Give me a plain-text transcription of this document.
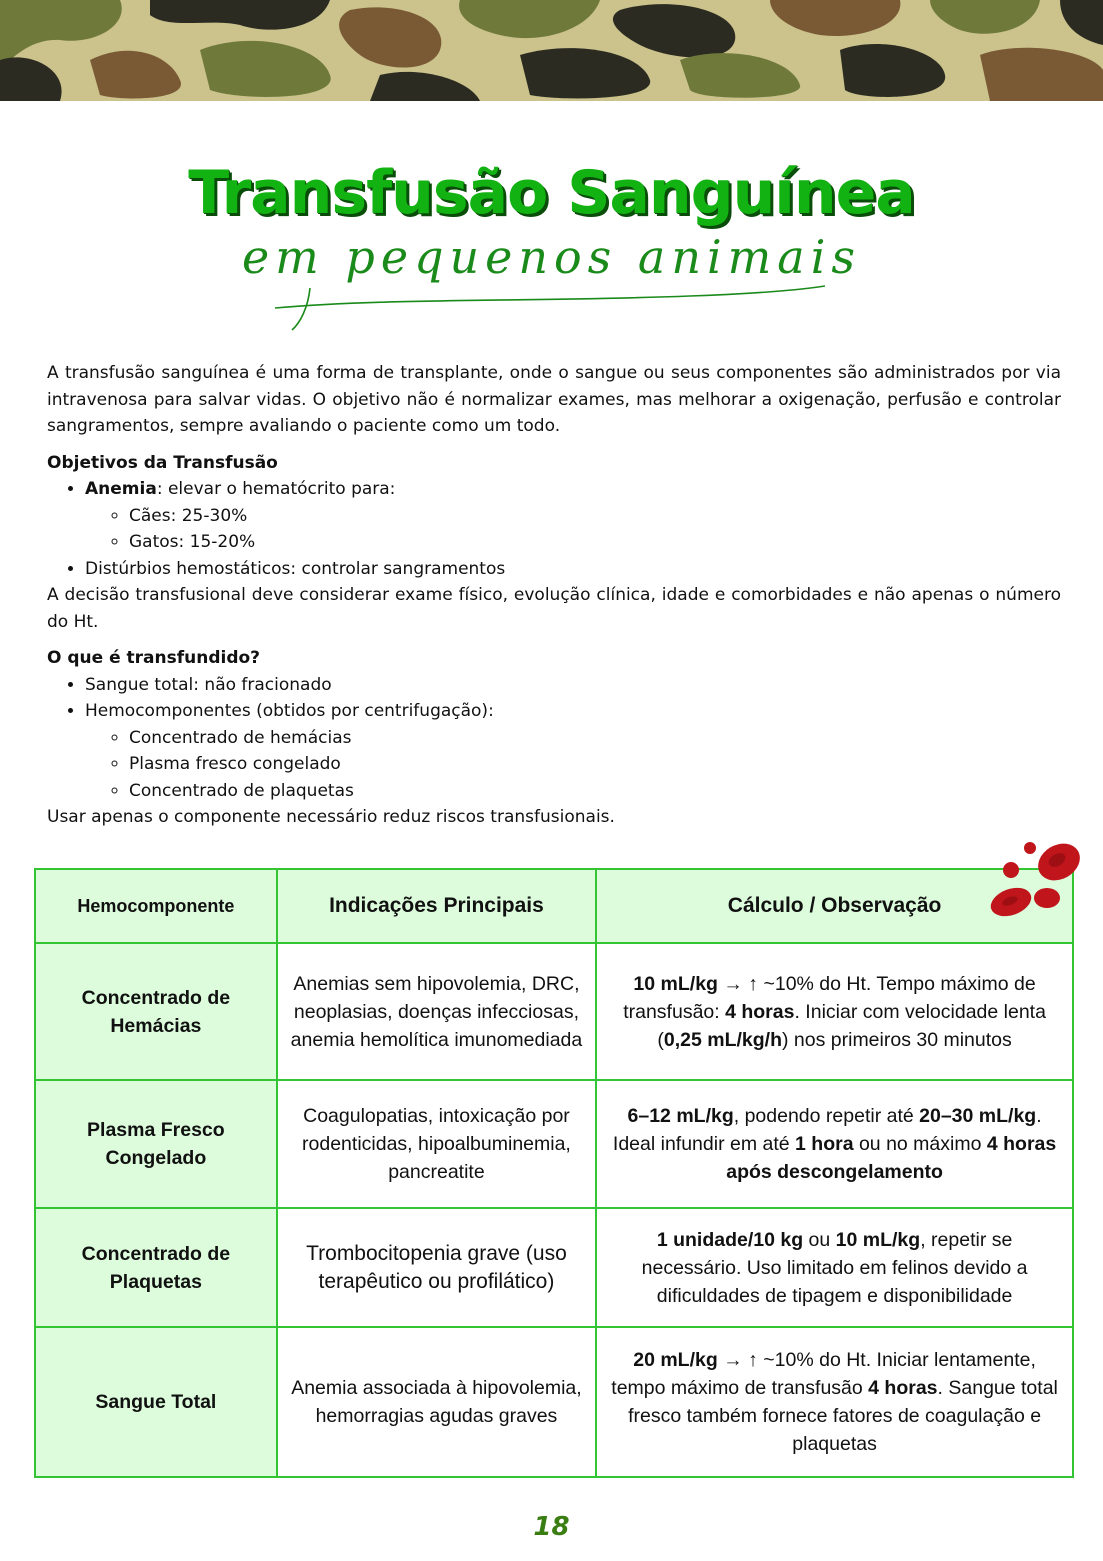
Transfusão Sanguínea
em pequenos animais

A transfusão sanguínea é uma forma de transplante, onde o sangue ou seus componentes são administrados por via intravenosa para salvar vidas. O objetivo não é normalizar exames, mas melhorar a oxigenação, perfusão e controlar sangramentos, sempre avaliando o paciente como um todo.

Objetivos da Transfusão

• Anemia: elevar o hematócrito para:
◦ Cães: 25-30%
◦ Gatos: 15-20%
• Distúrbios hemostáticos: controlar sangramentos

A decisão transfusional deve considerar exame físico, evolução clínica, idade e comorbidades e não apenas o número do Ht.

O que é transfundido?

• Sangue total: não fracionado
• Hemocomponentes (obtidos por centrifugação):
◦ Concentrado de hemácias
◦ Plasma fresco congelado
◦ Concentrado de plaquetas

Usar apenas o componente necessário reduz riscos transfusionais.

Hemocomponente	Indicações Principais	Cálculo / Observação
Concentrado de Hemácias	Anemias sem hipovolemia, DRC, neoplasias, doenças infecciosas, anemia hemolítica imunomediada	10 mL/kg → ↑ ~10% do Ht. Tempo máximo de transfusão: 4 horas. Iniciar com velocidade lenta (0,25 mL/kg/h) nos primeiros 30 minutos
Plasma Fresco Congelado	Coagulopatias, intoxicação por rodenticidas, hipoalbuminemia, pancreatite	6–12 mL/kg, podendo repetir até 20–30 mL/kg. Ideal infundir em até 1 hora ou no máximo 4 horas após descongelamento
Concentrado de Plaquetas	Trombocitopenia grave (uso terapêutico ou profilático)	1 unidade/10 kg ou 10 mL/kg, repetir se necessário. Uso limitado em felinos devido a dificuldades de tipagem e disponibilidade
Sangue Total	Anemia associada à hipovolemia, hemorragias agudas graves	20 mL/kg → ↑ ~10% do Ht. Iniciar lentamente, tempo máximo de transfusão 4 horas. Sangue total fresco também fornece fatores de coagulação e plaquetas
18
